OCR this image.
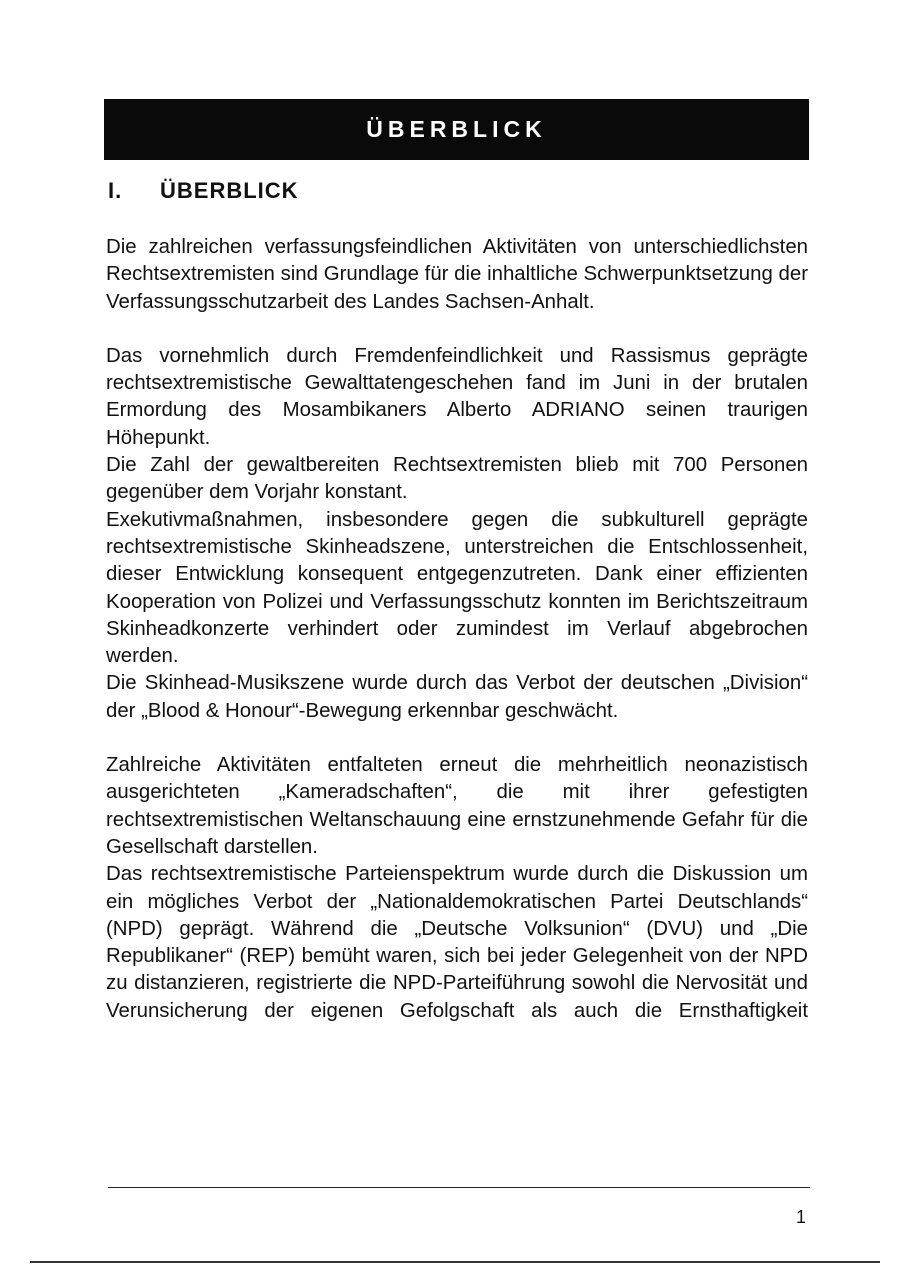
ÜBERBLICK
I. ÜBERBLICK

Die zahlreichen verfassungsfeindlichen Aktivitäten von unterschiedlichsten Rechtsextremisten sind Grundlage für die inhaltliche Schwerpunktsetzung der Verfassungsschutzarbeit des Landes Sachsen-Anhalt.

Das vornehmlich durch Fremdenfeindlichkeit und Rassismus geprägte rechtsextremistische Gewalttatengeschehen fand im Juni in der brutalen Ermordung des Mosambikaners Alberto ADRIANO seinen traurigen Höhepunkt.

Die Zahl der gewaltbereiten Rechtsextremisten blieb mit 700 Personen gegenüber dem Vorjahr konstant.

Exekutivmaßnahmen, insbesondere gegen die subkulturell geprägte rechtsextremistische Skinheadszene, unterstreichen die Entschlossenheit, dieser Entwicklung konsequent entgegenzutreten. Dank einer effizienten Kooperation von Polizei und Verfassungsschutz konnten im Berichtszeitraum Skinheadkonzerte verhindert oder zumindest im Verlauf abgebrochen werden.

Die Skinhead-Musikszene wurde durch das Verbot der deutschen „Division“ der „Blood & Honour“-Bewegung erkennbar geschwächt.

Zahlreiche Aktivitäten entfalteten erneut die mehrheitlich neonazistisch ausgerichteten „Kameradschaften“, die mit ihrer gefestigten rechtsextremistischen Weltanschauung eine ernstzunehmende Gefahr für die Gesellschaft darstellen.

Das rechtsextremistische Parteienspektrum wurde durch die Diskussion um ein mögliches Verbot der „Nationaldemokratischen Partei Deutschlands“ (NPD) geprägt. Während die „Deutsche Volksunion“ (DVU) und „Die Republikaner“ (REP) bemüht waren, sich bei jeder Gelegenheit von der NPD zu distanzieren, registrierte die NPD-Parteiführung sowohl die Nervosität und Verunsicherung der eigenen Gefolgschaft als auch die Ernsthaftigkeit

1
